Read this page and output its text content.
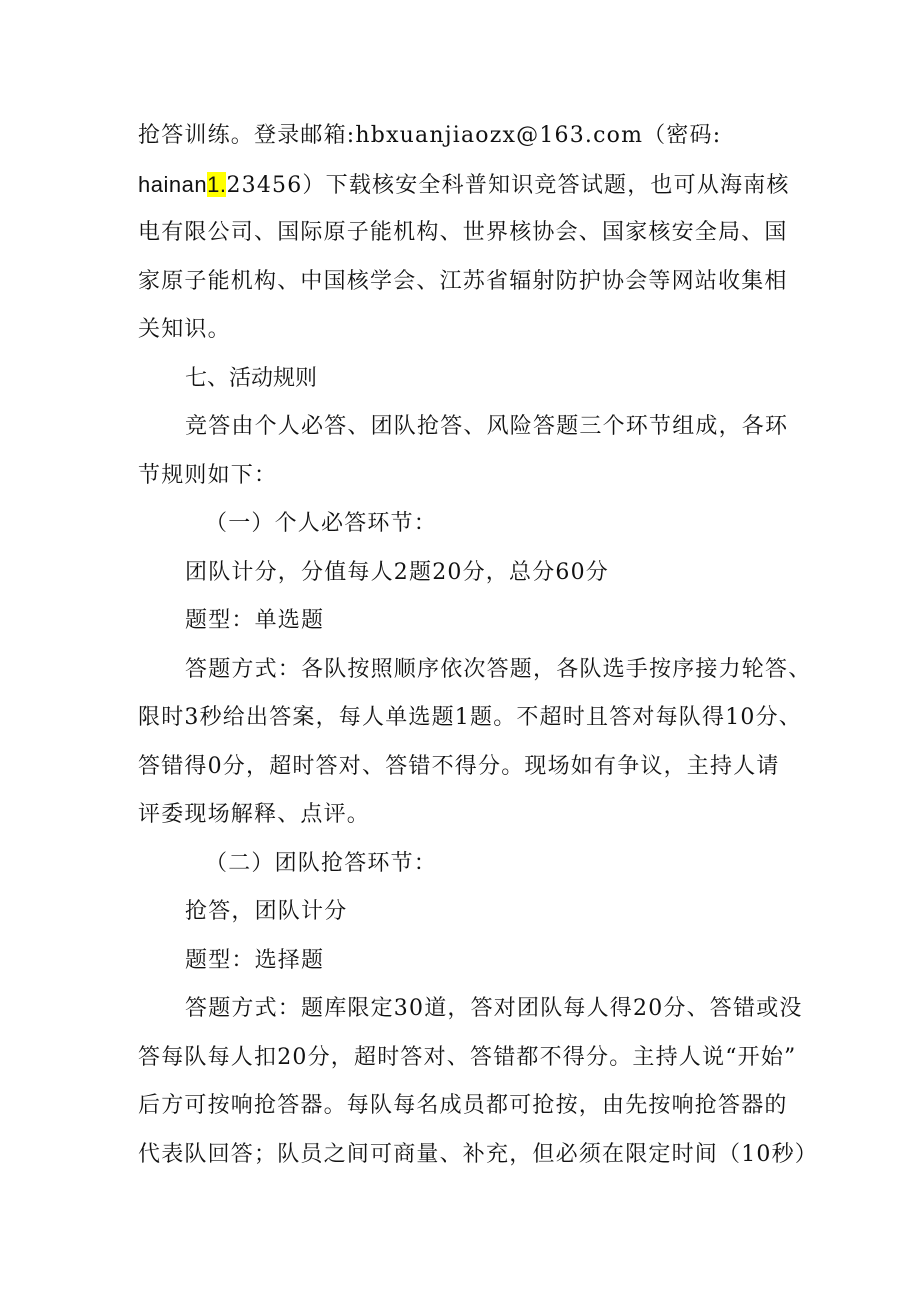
抢答训练。登录邮箱:hbxuanjiaozx@163.com（密码:
hainan1.23456）下载核安全科普知识竞答试题，也可从海南核
电有限公司、国际原子能机构、世界核协会、国家核安全局、国
家原子能机构、中国核学会、江苏省辐射防护协会等网站收集相
关知识。
七、活动规则
竞答由个人必答、团队抢答、风险答题三个环节组成，各环
节规则如下：
（一）个人必答环节：
团队计分，分值每人2题20分，总分60分
题型：单选题
答题方式：各队按照顺序依次答题，各队选手按序接力轮答、
限时3秒给出答案，每人单选题1题。不超时且答对每队得10分、
答错得0分，超时答对、答错不得分。现场如有争议，主持人请
评委现场解释、点评。
（二）团队抢答环节：
抢答，团队计分
题型：选择题
答题方式：题库限定30道，答对团队每人得20分、答错或没
答每队每人扣20分，超时答对、答错都不得分。主持人说“开始”
后方可按响抢答器。每队每名成员都可抢按，由先按响抢答器的
代表队回答；队员之间可商量、补充，但必须在限定时间（10秒）
